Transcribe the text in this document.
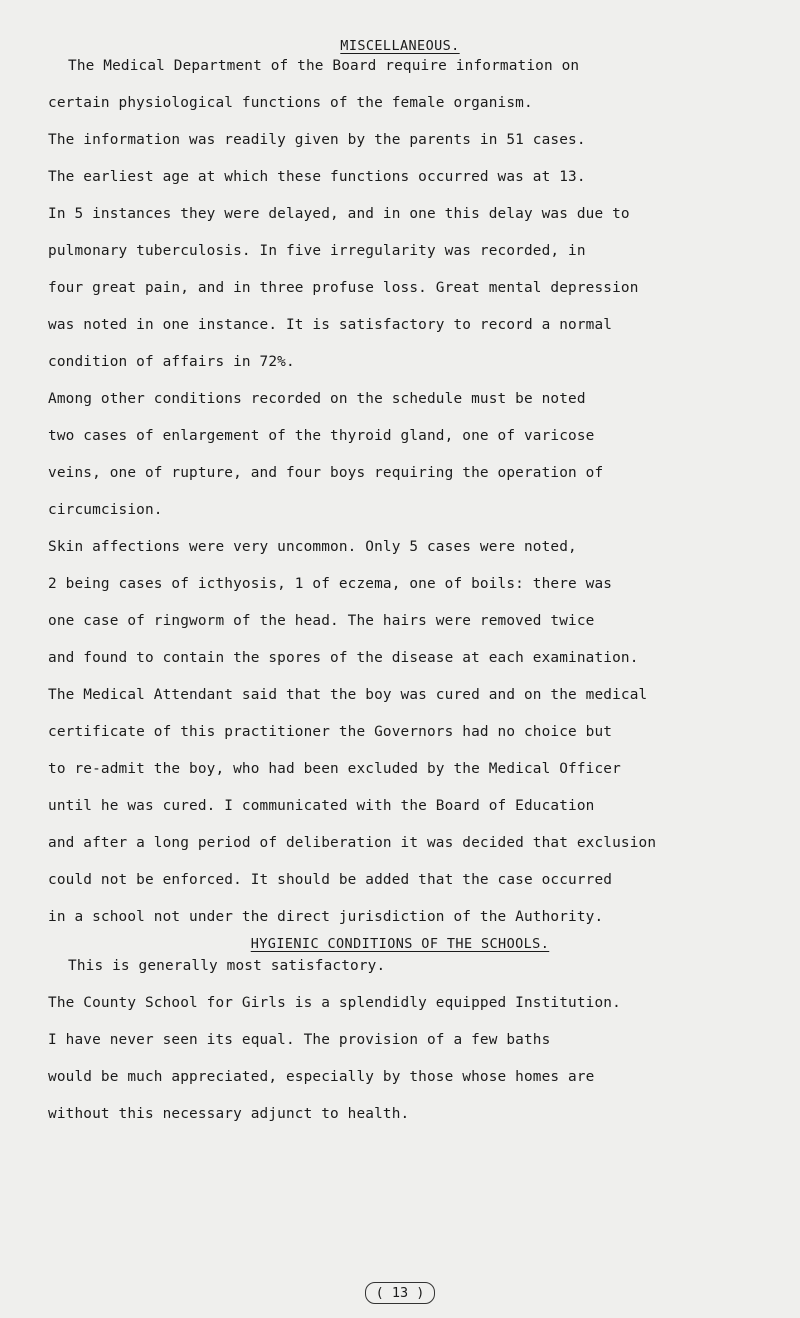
MISCELLANEOUS.
The Medical Department of the Board require information on
certain physiological functions of the female organism.
The information was readily given by the parents in 51 cases.
The earliest age at which these functions occurred was at 13.
In 5 instances they were delayed, and in one this delay was due to
pulmonary tuberculosis. In five irregularity was recorded, in
four great pain, and in three profuse loss. Great mental depression
was noted in one instance. It is satisfactory to record a normal
condition of affairs in 72%.
Among other conditions recorded on the schedule must be noted
two cases of enlargement of the thyroid gland, one of varicose
veins, one of rupture, and four boys requiring the operation of
circumcision.
Skin affections were very uncommon. Only 5 cases were noted,
2 being cases of icthyosis, 1 of eczema, one of boils: there was
one case of ringworm of the head. The hairs were removed twice
and found to contain the spores of the disease at each examination.
The Medical Attendant said that the boy was cured and on the medical
certificate of this practitioner the Governors had no choice but
to re-admit the boy, who had been excluded by the Medical Officer
until he was cured. I communicated with the Board of Education
and after a long period of deliberation it was decided that exclusion
could not be enforced. It should be added that the case occurred
in a school not under the direct jurisdiction of the Authority.
HYGIENIC CONDITIONS OF THE SCHOOLS.
This is generally most satisfactory.
The County School for Girls is a splendidly equipped Institution.
I have never seen its equal. The provision of a few baths
would be much appreciated, especially by those whose homes are
without this necessary adjunct to health.
( 13 )
